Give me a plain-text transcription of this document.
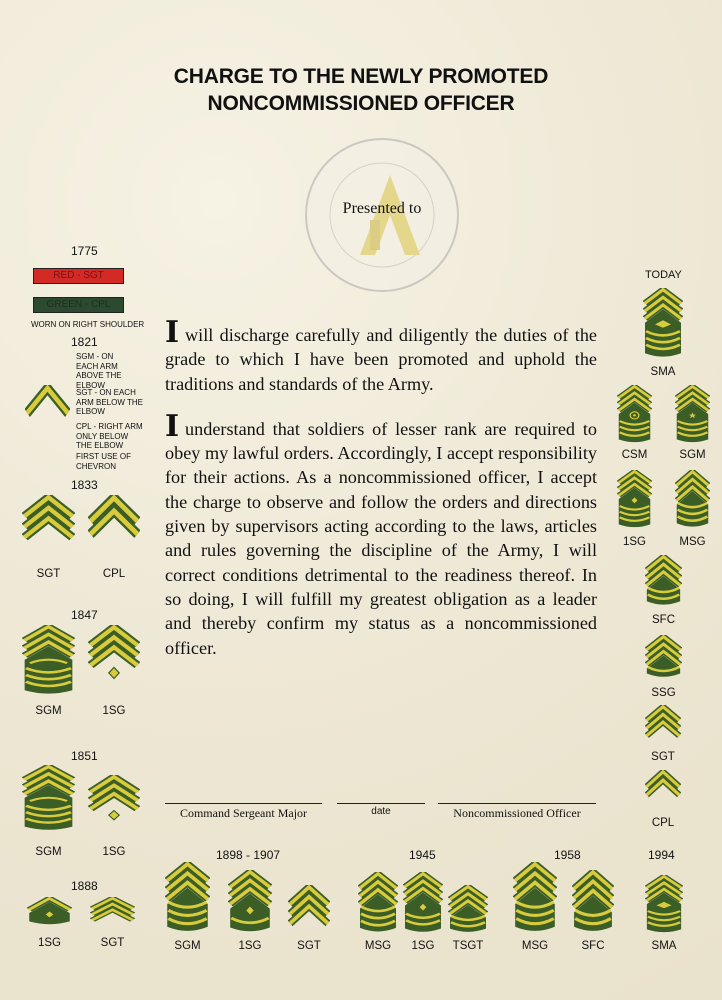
CHARGE TO THE NEWLY PROMOTED
NONCOMMISSIONED OFFICER
Presented to

Iwill discharge carefully and diligently the duties of the grade to which I have been promoted and uphold the traditions and standards of the Army.

Iunderstand that soldiers of lesser rank are required to obey my lawful orders. Accordingly, I accept responsibility for their actions. As a noncommissioned officer, I accept the charge to observe and follow the orders and directions given by supervisors acting according to the laws, articles and rules governing the discipline of the Army, I will correct conditions detrimental to the readiness thereof. In so doing, I will fulfill my greatest obligation as a leader and thereby confirm my status as a noncommissioned officer.

Command Sergeant Major	date	Noncommissioned Officer
1775
RED - SGT
GREEN - CPL
WORN ON RIGHT SHOULDER
1821
SGM - ON EACH ARM ABOVE THE ELBOW
SGT - ON EACH ARM BELOW THE ELBOW
CPL - RIGHT ARM ONLY BELOW THE ELBOW
FIRST USE OF CHEVRON
1833
1847
1851
1888
1898 - 1907	1945	1958	1994
TODAY
SGT	CPL
SGM	1SG
SGM	1SG
1SG	SGT	SGM	1SG	SGT	MSG 1SG TSGT	MSG	SFC	SMA
SMA
CSM	SGM
1SG	MSG
SFC
SSG
SGT
CPL
